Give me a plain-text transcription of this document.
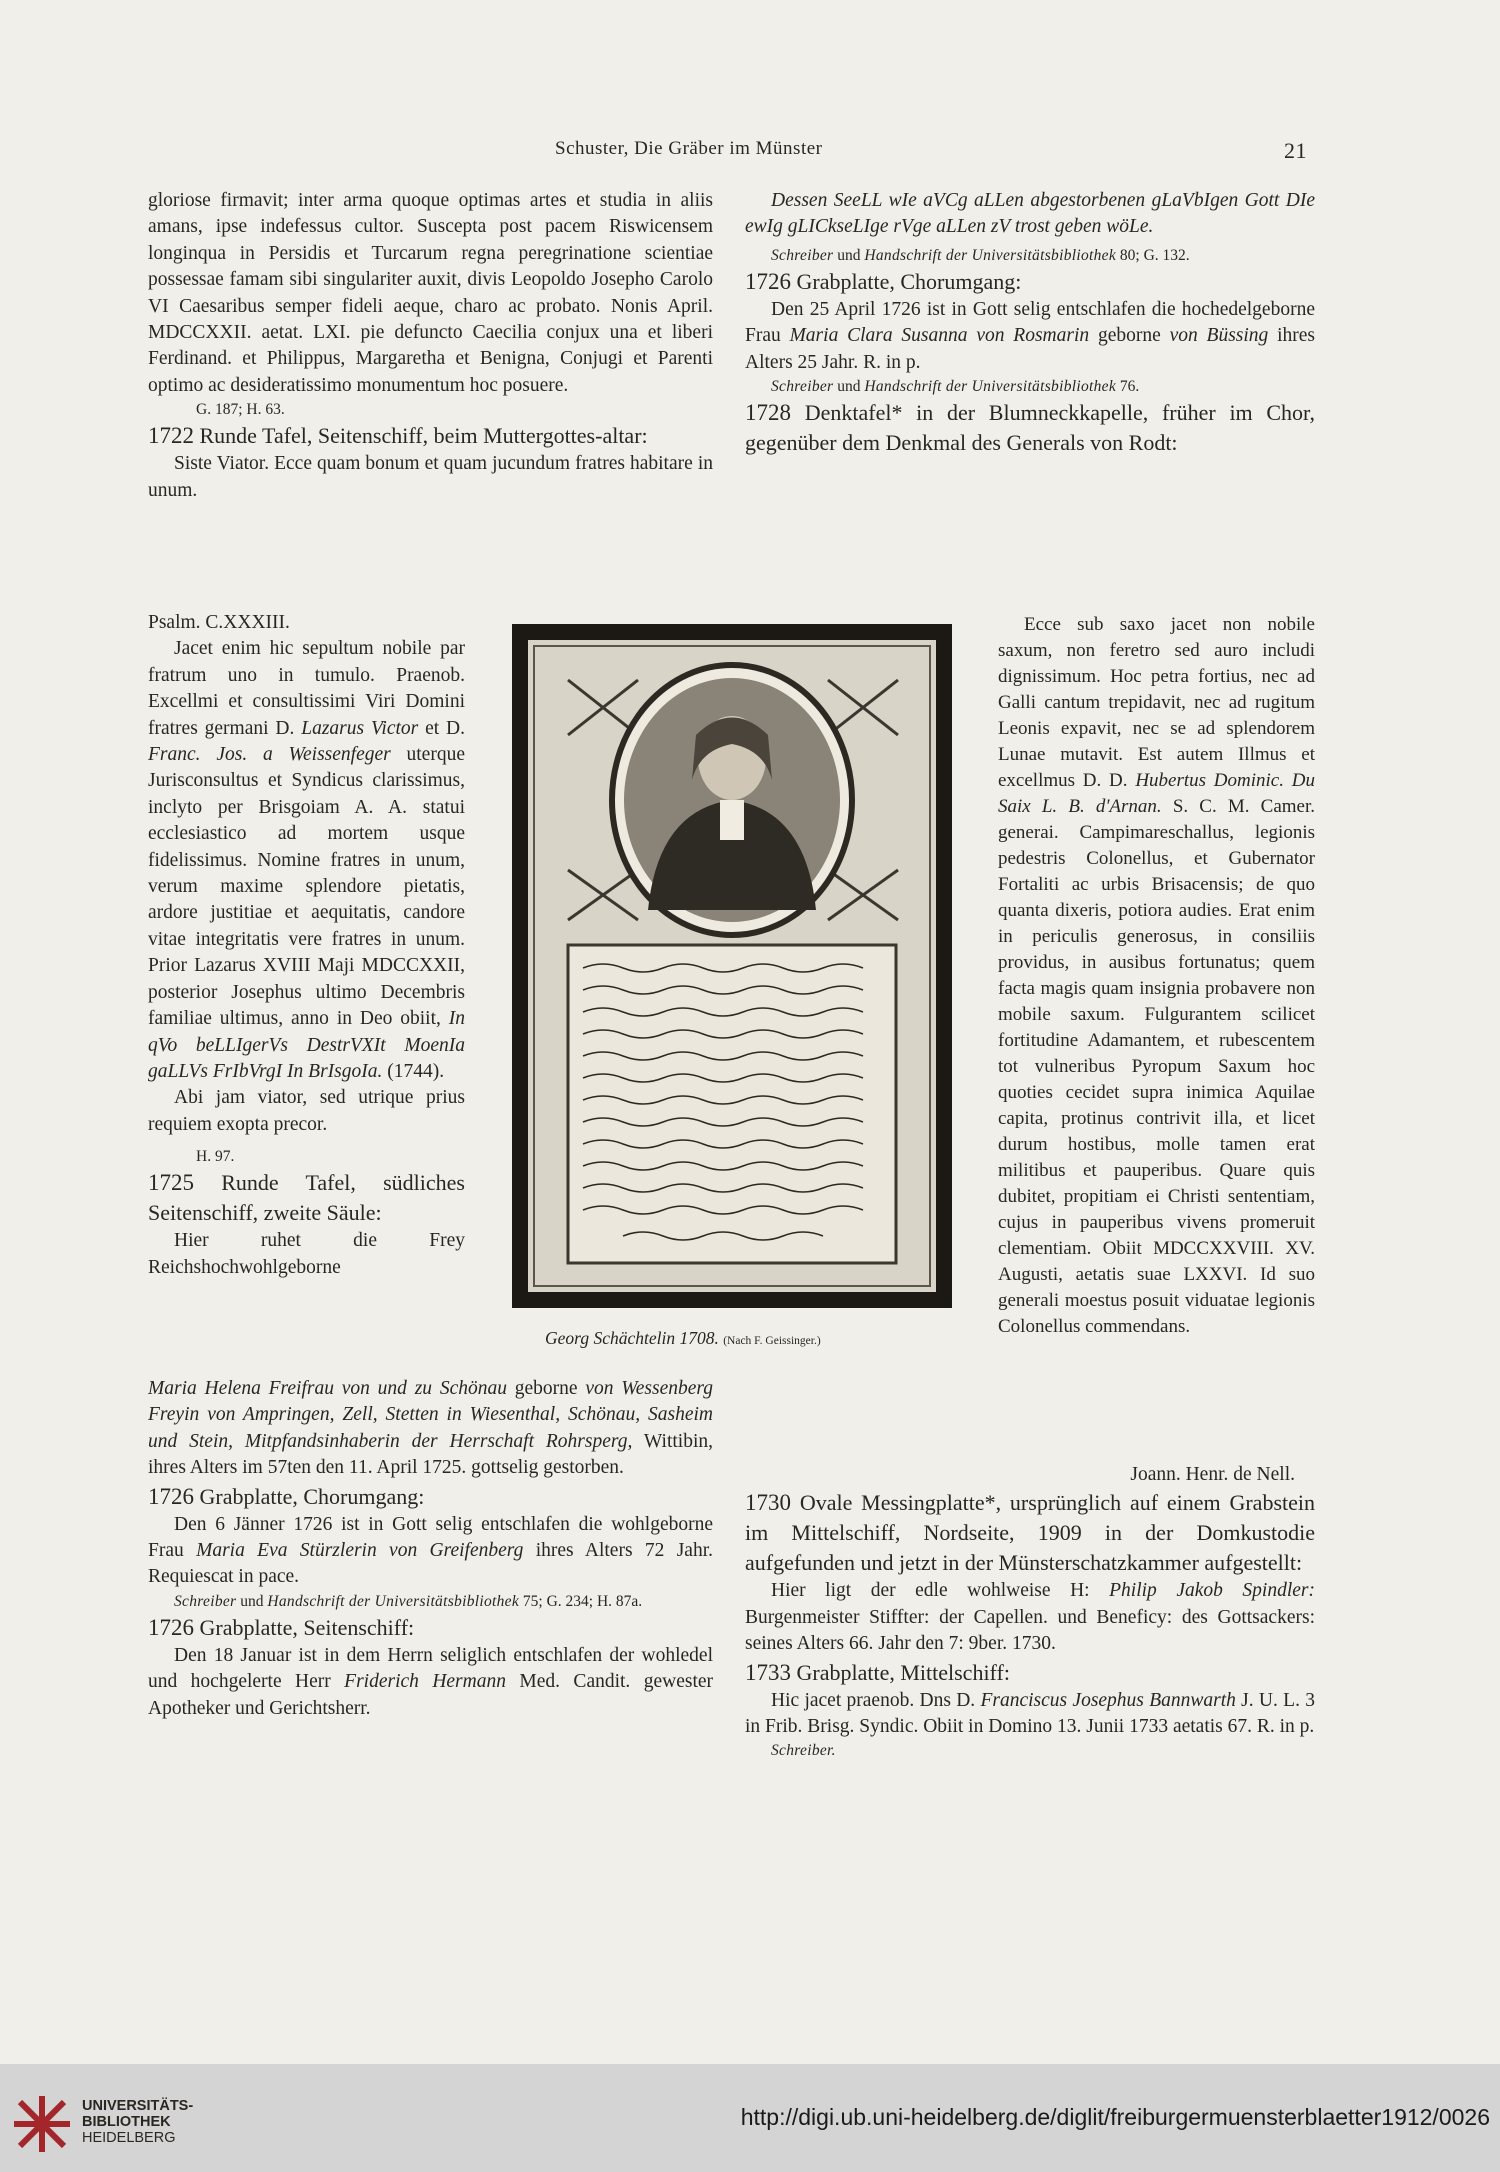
Schuster, Die Gräber im Münster	21

gloriose firmavit; inter arma quoque optimas artes et studia in aliis amans, ipse indefessus cultor. Suscepta post pacem Riswicensem longinqua in Persidis et Turcarum regna peregrinatione scientiae possessae famam sibi singulariter auxit, divis Leopoldo Josepho Carolo VI Caesaribus semper fideli aeque, charo ac probato. Nonis April. MDCCXXII. aetat. LXI. pie defuncto Caecilia conjux una et liberi Ferdinand. et Philippus, Margaretha et Benigna, Conjugi et Parenti optimo ac desideratissimo monumentum hoc posuere.

G. 187; H. 63.

1722 Runde Tafel, Seitenschiff, beim Muttergottes-altar:

Siste Viator. Ecce quam bonum et quam jucundum fratres habitare in unum.

Psalm. C.XXXIII.

Jacet enim hic sepultum nobile par fratrum uno in tumulo. Praenob. Excellmi et consultissimi Viri Domini fratres germani D. Lazarus Victor et D. Franc. Jos. a Weissenfeger uterque Jurisconsultus et Syndicus clarissimus, inclyto per Brisgoiam A. A. statui ecclesiastico ad mortem usque fidelissimus. Nomine fratres in unum, verum maxime splendore pietatis, ardore justitiae et aequitatis, candore vitae integritatis vere fratres in unum. Prior Lazarus XVIII Maji MDCCXXII, posterior Josephus ultimo Decembris familiae ultimus, anno in Deo obiit, In qVo beLLIgerVs DestrVXIt MoenIa gaLLVs FrIbVrgI In BrIsgoIa. (1744).

Abi jam viator, sed utrique prius requiem exopta precor.

H. 97.

1725 Runde Tafel, südliches Seitenschiff, zweite Säule:

Hier ruhet die Frey Reichshochwohlgeborne

Maria Helena Freifrau von und zu Schönau geborne von Wessenberg Freyin von Ampringen, Zell, Stetten in Wiesenthal, Schönau, Sasheim und Stein, Mitpfandsinhaberin der Herrschaft Rohrsperg, Wittibin, ihres Alters im 57ten den 11. April 1725. gottselig gestorben.

1726 Grabplatte, Chorumgang:

Den 6 Jänner 1726 ist in Gott selig entschlafen die wohlgeborne Frau Maria Eva Stürzlerin von Greifenberg ihres Alters 72 Jahr. Requiescat in pace.

Schreiber und Handschrift der Universitätsbibliothek 75; G. 234; H. 87a.

1726 Grabplatte, Seitenschiff:

Den 18 Januar ist in dem Herrn seliglich entschlafen der wohledel und hochgelerte Herr Friderich Hermann Med. Candit. gewester Apotheker und Gerichtsherr.

Dessen SeeLL wIe aVCg aLLen abgestorbenen gLaVbIgen Gott DIe ewIg gLICkseLIge rVge aLLen zV trost geben wöLe.

Schreiber und Handschrift der Universitätsbibliothek 80; G. 132.

1726 Grabplatte, Chorumgang:

Den 25 April 1726 ist in Gott selig entschlafen die hochedelgeborne Frau Maria Clara Susanna von Rosmarin geborne von Büssing ihres Alters 25 Jahr. R. in p.

Schreiber und Handschrift der Universitätsbibliothek 76.

1728 Denktafel* in der Blumneckkapelle, früher im Chor, gegenüber dem Denkmal des Generals von Rodt:

Ecce sub saxo jacet non nobile saxum, non feretro sed auro includi dignissimum. Hoc petra fortius, nec ad Galli cantum trepidavit, nec ad rugitum Leonis expavit, nec se ad splendorem Lunae mutavit. Est autem Illmus et excellmus D. D. Hubertus Dominic. Du Saix L. B. d'Arnan. S. C. M. Camer. generai. Campimareschallus, legionis pedestris Colonellus, et Gubernator Fortaliti ac urbis Brisacensis; de quo quanta dixeris, potiora audies. Erat enim in periculis generosus, in consiliis providus, in ausibus fortunatus; quem facta magis quam insignia probavere non mobile saxum. Fulgurantem scilicet fortitudine Adamantem, et rubescentem tot vulneribus Pyropum Saxum hoc quoties cecidet supra inimica Aquilae capita, protinus contrivit illa, et licet durum hostibus, molle tamen erat militibus et pauperibus. Quare quis dubitet, propitiam ei Christi sententiam, cujus in pauperibus vivens promeruit clementiam. Obiit MDCCXXVIII. XV. Augusti, aetatis suae LXXVI. Id suo generali moestus posuit viduatae legionis Colonellus commendans.

Joann. Henr. de Nell.

1730 Ovale Messingplatte*, ursprünglich auf einem Grabstein im Mittelschiff, Nordseite, 1909 in der Domkustodie aufgefunden und jetzt in der Münsterschatzkammer aufgestellt:

Hier ligt der edle wohlweise H: Philip Jakob Spindler: Burgenmeister Stiffter: der Capellen. und Beneficy: des Gottsackers: seines Alters 66. Jahr den 7: 9ber. 1730.

1733 Grabplatte, Mittelschiff:

Hic jacet praenob. Dns D. Franciscus Josephus Bannwarth J. U. L. 3 in Frib. Brisg. Syndic. Obiit in Domino 13. Junii 1733 aetatis 67. R. in p.

Schreiber.

Georg Schächtelin 1708. (Nach F. Geissinger.)
UNIVERSITÄTS-
BIBLIOTHEK
HEIDELBERG
http://digi.ub.uni-heidelberg.de/diglit/freiburgermuensterblaetter1912/0026
